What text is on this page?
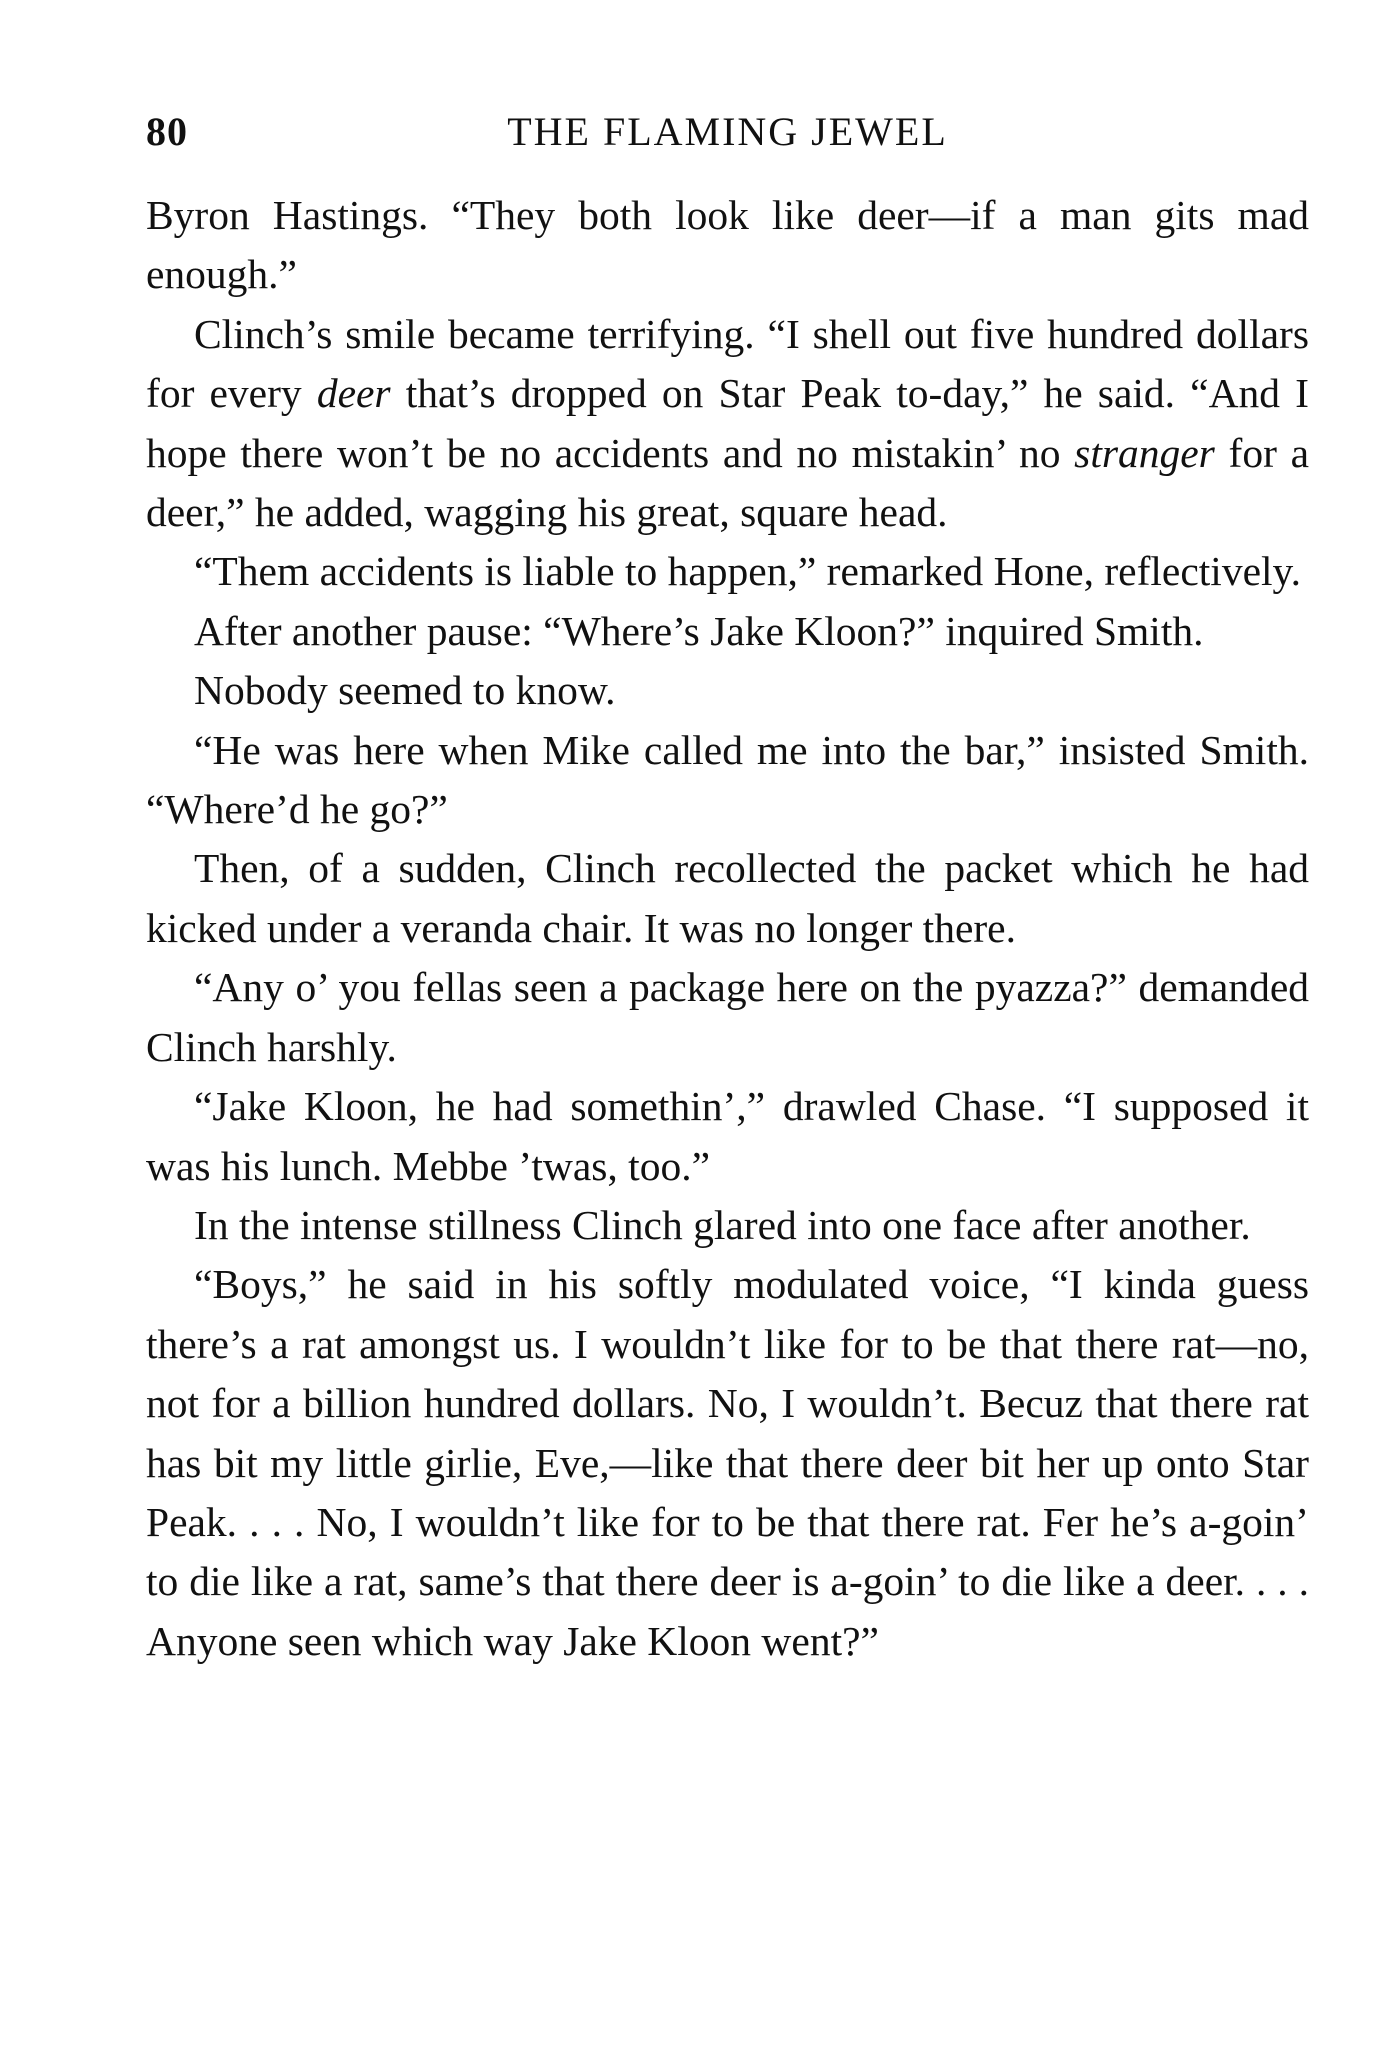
80	THE FLAMING JEWEL

Byron Hastings. “They both look like deer—if a man gits mad enough.”

Clinch’s smile became terrifying. “I shell out five hundred dollars for every deer that’s dropped on Star Peak to-day,” he said. “And I hope there won’t be no accidents and no mistakin’ no stranger for a deer,” he added, wagging his great, square head.

“Them accidents is liable to happen,” remarked Hone, reflectively.

After another pause: “Where’s Jake Kloon?” inquired Smith.

Nobody seemed to know.

“He was here when Mike called me into the bar,” insisted Smith. “Where’d he go?”

Then, of a sudden, Clinch recollected the packet which he had kicked under a veranda chair. It was no longer there.

“Any o’ you fellas seen a package here on the pyazza?” demanded Clinch harshly.

“Jake Kloon, he had somethin’,” drawled Chase. “I supposed it was his lunch. Mebbe ’twas, too.”

In the intense stillness Clinch glared into one face after another.

“Boys,” he said in his softly modulated voice, “I kinda guess there’s a rat amongst us. I wouldn’t like for to be that there rat—no, not for a billion hundred dollars. No, I wouldn’t. Becuz that there rat has bit my little girlie, Eve,—like that there deer bit her up onto Star Peak. . . . No, I wouldn’t like for to be that there rat. Fer he’s a-goin’ to die like a rat, same’s that there deer is a-goin’ to die like a deer. . . . Anyone seen which way Jake Kloon went?”
